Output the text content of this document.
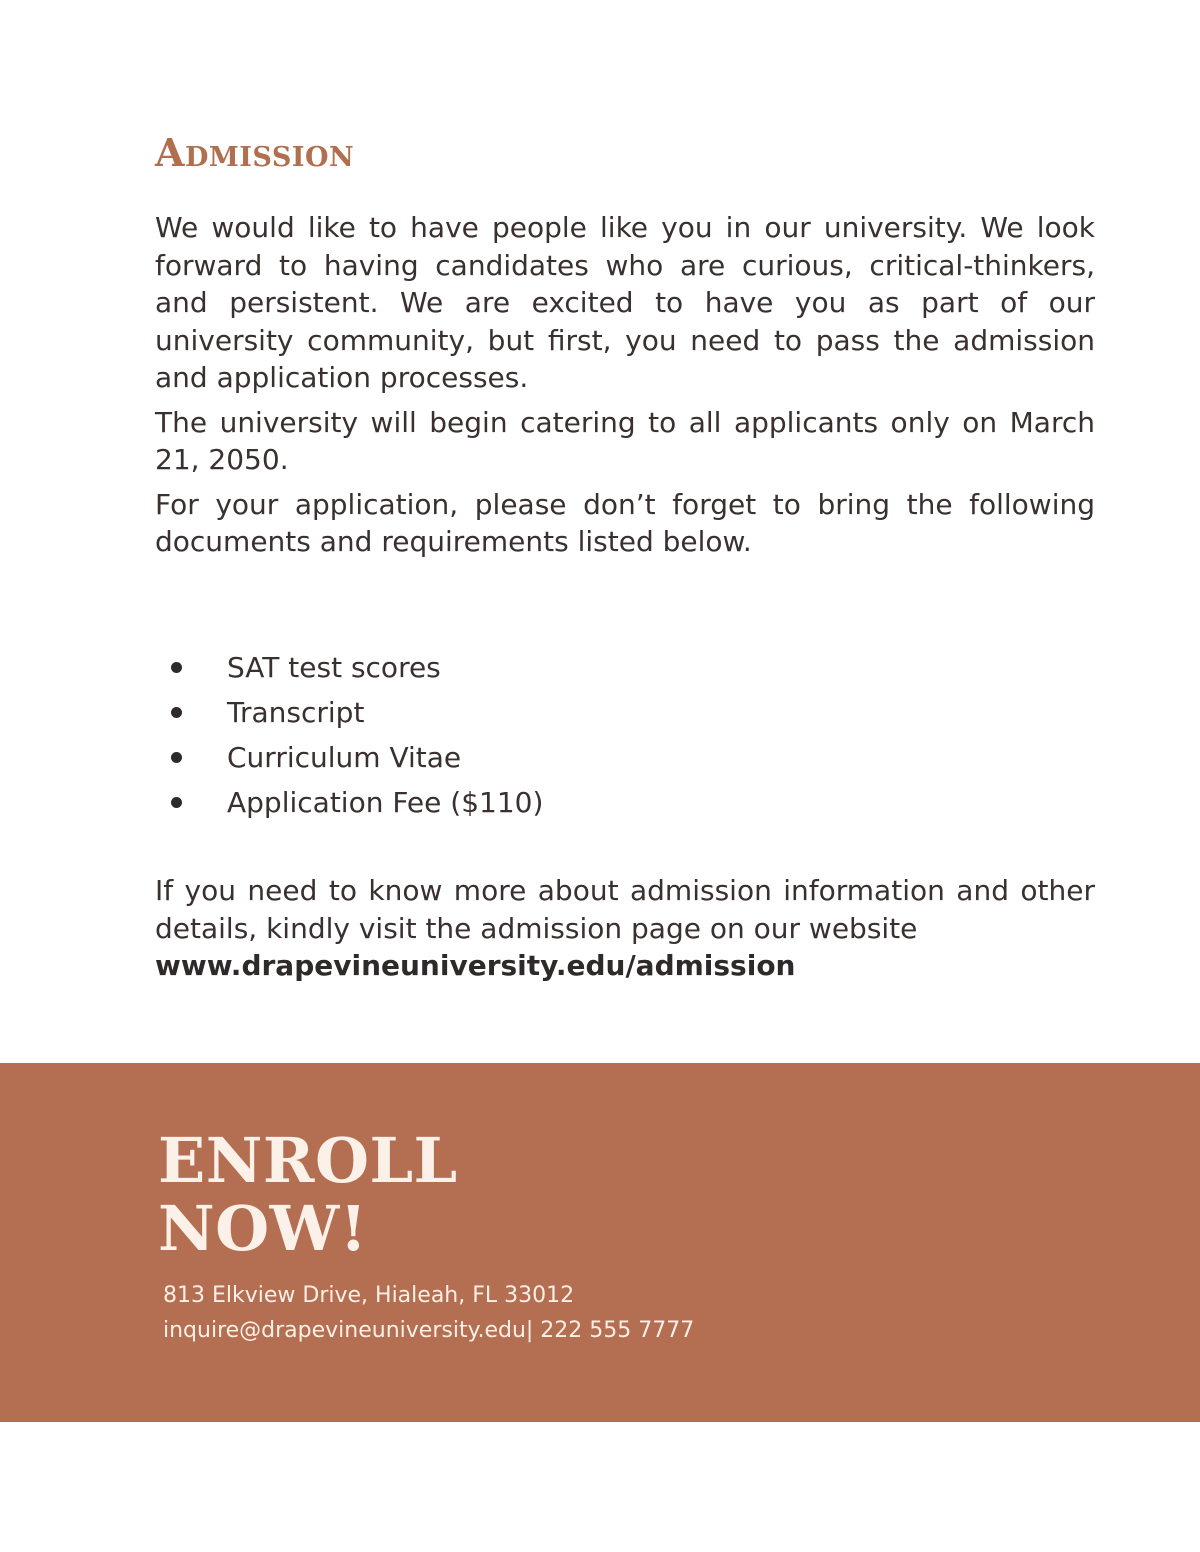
Admission

We would like to have people like you in our university. We look forward to having candidates who are curious, critical-thinkers, and persistent. We are excited to have you as part of our university community, but first, you need to pass the admission and application processes.

The university will begin catering to all applicants only on March 21, 2050.

For your application, please don’t forget to bring the following documents and requirements listed below.

SAT test scores
Transcript
Curriculum Vitae
Application Fee ($110)

If you need to know more about admission information and other details, kindly visit the admission page on our website

www.drapevineuniversity.edu/admission
ENROLL
NOW!
813 Elkview Drive, Hialeah, FL 33012
inquire@drapevineuniversity.edu| 222 555 7777
